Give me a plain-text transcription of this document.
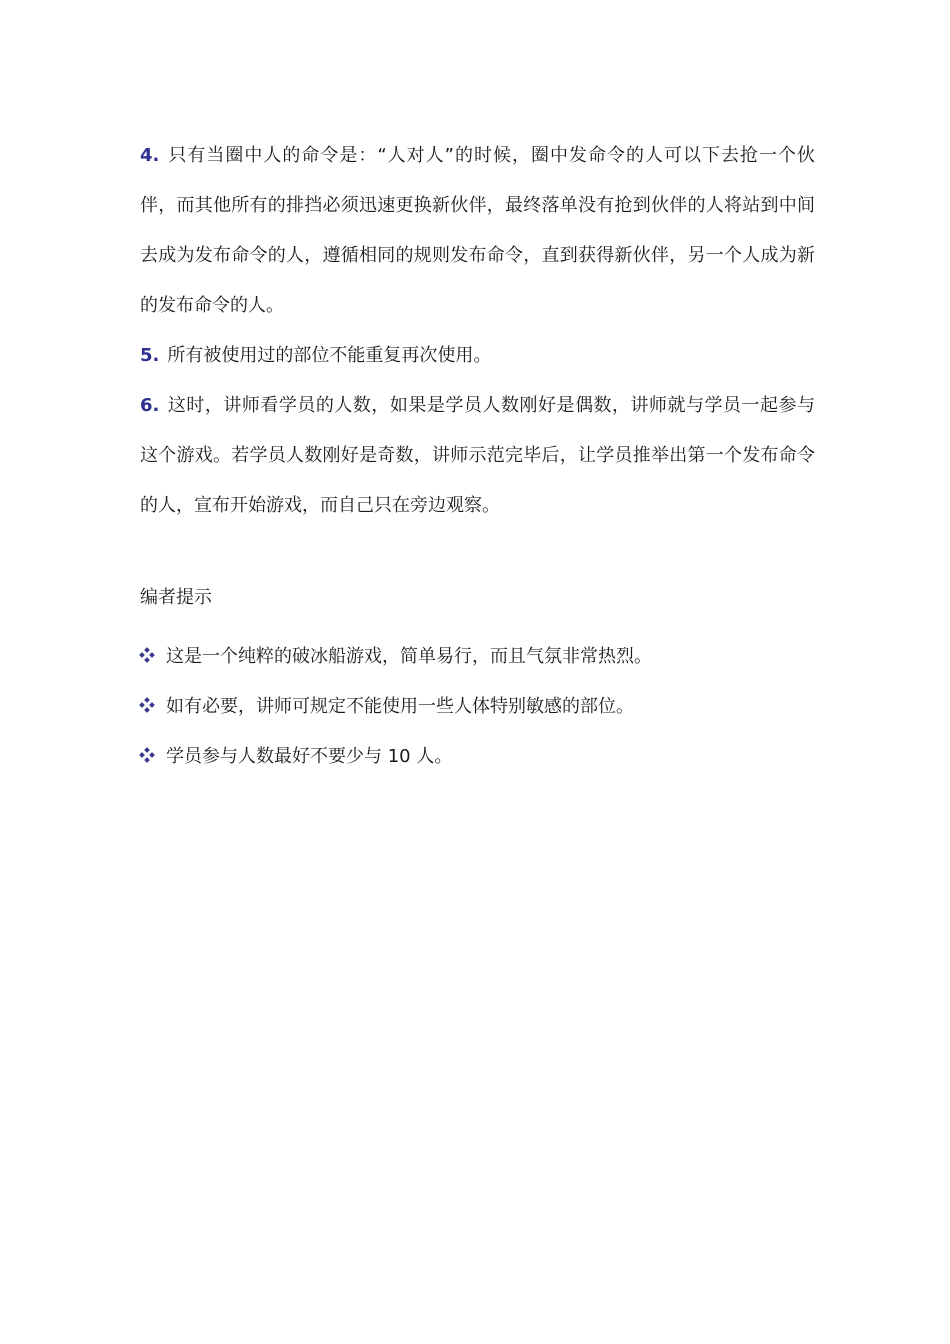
4. 只有当圈中人的命令是：“人对人”的时候，圈中发命令的人可以下去抢一个伙伴，而其他所有的排挡必须迅速更换新伙伴，最终落单没有抢到伙伴的人将站到中间去成为发布命令的人，遵循相同的规则发布命令，直到获得新伙伴，另一个人成为新的发布命令的人。
5. 所有被使用过的部位不能重复再次使用。
6. 这时，讲师看学员的人数，如果是学员人数刚好是偶数，讲师就与学员一起参与这个游戏。若学员人数刚好是奇数，讲师示范完毕后，让学员推举出第一个发布命令的人，宣布开始游戏，而自己只在旁边观察。
编者提示
这是一个纯粹的破冰船游戏，简单易行，而且气氛非常热烈。
如有必要，讲师可规定不能使用一些人体特别敏感的部位。
学员参与人数最好不要少与 10 人。
